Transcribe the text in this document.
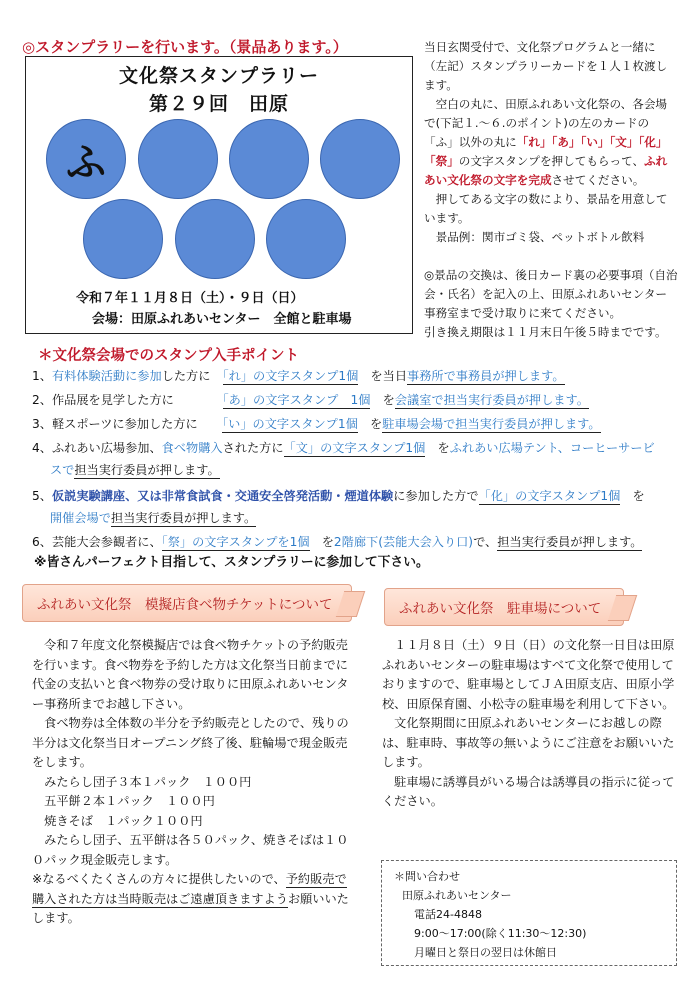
◎スタンプラリーを行います。（景品あります。）
文化祭スタンプラリー
第２９回　田原
ふ
令和７年１１月８日（土）・９日（日）
会場：田原ふれあいセンター　全館と駐車場

当日玄関受付で、文化祭プログラムと一緒に（左記）スタンプラリーカードを１人１枚渡します。

　空白の丸に、田原ふれあい文化祭の、各会場で(下記１.～６.のポイント)の左のカードの「ふ」以外の丸に「れ」「あ」「い」「文」「化」「祭」の文字スタンプを押してもらって、ふれあい文化祭の文字を完成させてください。

　押してある文字の数により、景品を用意しています。

　景品例：関市ゴミ袋、ペットボトル飲料

◎景品の交換は、後日カード裏の必要事項（自治会・氏名）を記入の上、田原ふれあいセンター事務室まで受け取りに来てください。

引き換え期限は１１月末日午後５時までです。

＊文化祭会場でのスタンプ入手ポイント
1、有料体験活動に参加した方に　 「れ」の文字スタンプ1個　 を当日事務所で事務員が押します。
2、作品展を見学した方に　　　　	「あ」の文字スタンプ　1個　 を会議室で担当実行委員が押します。
3、軽スポーツに参加した方に　　 「い」の文字スタンプ1個　 を駐車場会場で担当実行委員が押します。
4、ふれあい広場参加、食べ物購入された方に「文」の文字スタンプ1個　 をふれあい広場テント、コーヒーサービ
スで担当実行委員が押します。
5、仮説実験講座、又は非常食試食・交通安全啓発活動・煙道体験に参加した方で「化」の文字スタンプ1個　 を
開催会場で担当実行委員が押します。
6、芸能大会参観者に、「祭」の文字スタンプを1個　 を2階廊下(芸能大会入り口)で、担当実行委員が押します。
※皆さんパーフェクト目指して、スタンプラリーに参加して下さい。
ふれあい文化祭　模擬店食べ物チケットについて	ふれあい文化祭　駐車場について

　令和７年度文化祭模擬店では食べ物チケットの予約販売を行います。食べ物券を予約した方は文化祭当日前までに代金の支払いと食べ物券の受け取りに田原ふれあいセンター事務所までお越し下さい。

　食べ物券は全体数の半分を予約販売としたので、残りの半分は文化祭当日オープニング終了後、駐輪場で現金販売をします。

　みたらし団子３本１パック　１００円

　五平餅２本１パック　１００円

　焼きそば　１パック１００円

　みたらし団子、五平餅は各５０パック、焼きそばは１００パック現金販売します。

※なるべくたくさんの方々に提供したいので、予約販売で購入された方は当時販売はご遠慮頂きますようお願いいたします。

　１１月８日（土）９日（日）の文化祭一日目は田原ふれあいセンターの駐車場はすべて文化祭で使用しておりますので、駐車場としてＪＡ田原支店、田原小学校、田原保育園、小松寺の駐車場を利用して下さい。

　文化祭期間に田原ふれあいセンターにお越しの際は、駐車時、事故等の無いようにご注意をお願いいたします。

　駐車場に誘導員がいる場合は誘導員の指示に従ってください。

＊問い合わせ
田原ふれあいセンター
電話24-4848
9:00～17:00(除く11:30～12:30)
月曜日と祭日の翌日は休館日
